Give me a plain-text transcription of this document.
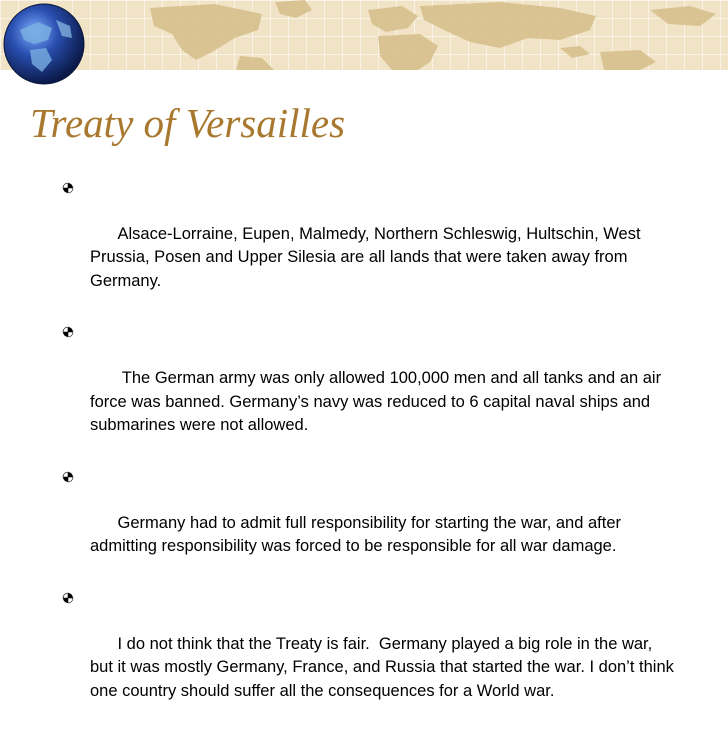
Treaty of Versailles

Alsace-Lorraine, Eupen, Malmedy, Northern Schleswig, Hultschin, West Prussia, Posen and Upper Silesia are all lands that were taken away from Germany.

The German army was only allowed 100,000 men and all tanks and an air force was banned. Germany’s navy was reduced to 6 capital naval ships and submarines were not allowed.

Germany had to admit full responsibility for starting the war, and after admitting responsibility was forced to be responsible for all war damage.

I do not think that the Treaty is fair.  Germany played a big role in the war, but it was mostly Germany, France, and Russia that started the war. I don’t think one country should suffer all the consequences for a World war.
